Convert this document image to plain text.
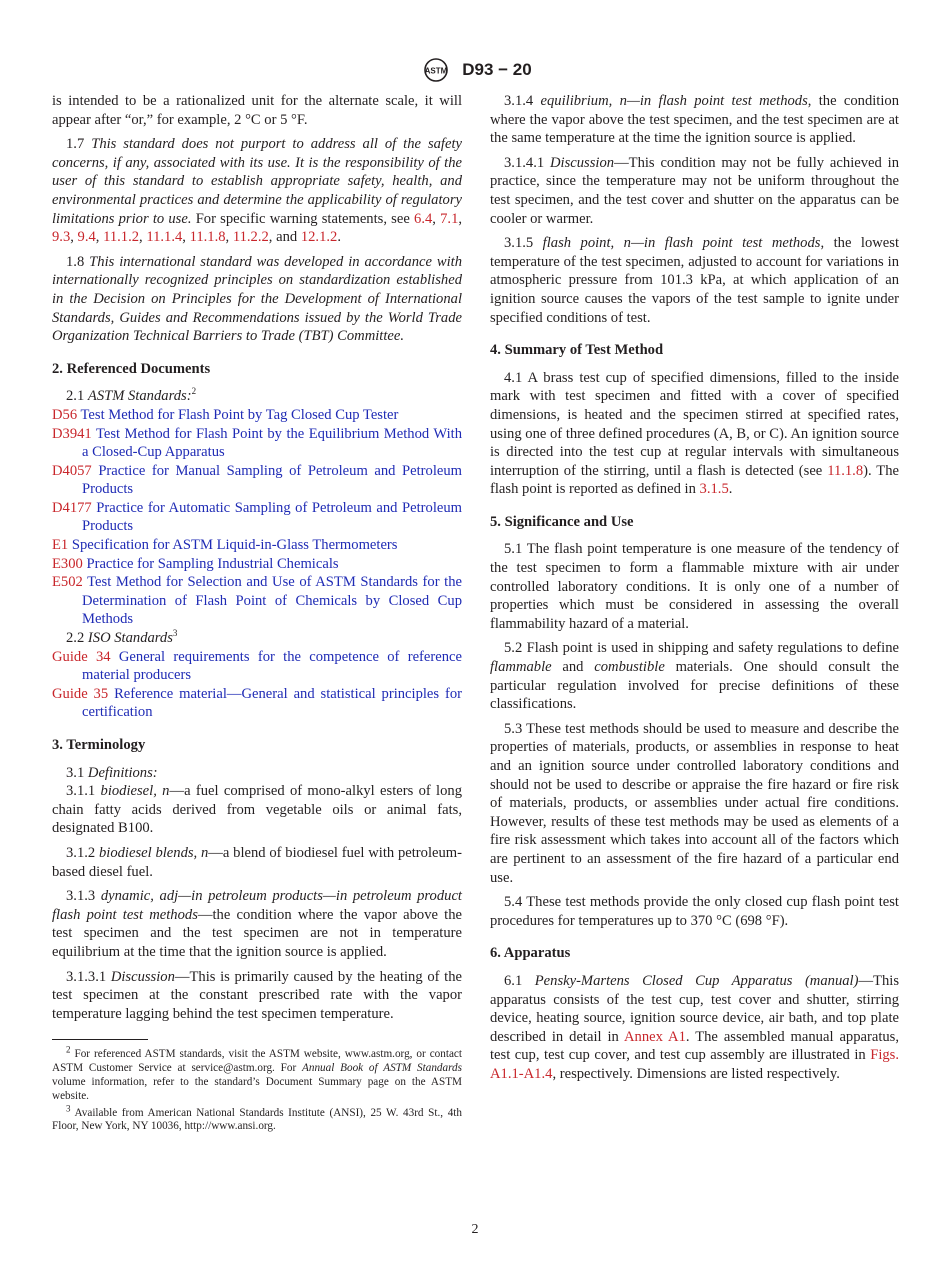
ASTM D93 − 20

is intended to be a rationalized unit for the alternate scale, it will appear after “or,” for example, 2 °C or 5 °F.

1.7 This standard does not purport to address all of the safety concerns, if any, associated with its use. It is the responsibility of the user of this standard to establish appropriate safety, health, and environmental practices and determine the applicability of regulatory limitations prior to use. For specific warning statements, see 6.4, 7.1, 9.3, 9.4, 11.1.2, 11.1.4, 11.1.8, 11.2.2, and 12.1.2.

1.8 This international standard was developed in accordance with internationally recognized principles on standardization established in the Decision on Principles for the Development of International Standards, Guides and Recommendations issued by the World Trade Organization Technical Barriers to Trade (TBT) Committee.

2. Referenced Documents

2.1 ASTM Standards:$^2$

D56 Test Method for Flash Point by Tag Closed Cup Tester

D3941 Test Method for Flash Point by the Equilibrium Method With a Closed-Cup Apparatus

D4057 Practice for Manual Sampling of Petroleum and Petroleum Products

D4177 Practice for Automatic Sampling of Petroleum and Petroleum Products

E1 Specification for ASTM Liquid-in-Glass Thermometers

E300 Practice for Sampling Industrial Chemicals

E502 Test Method for Selection and Use of ASTM Standards for the Determination of Flash Point of Chemicals by Closed Cup Methods

2.2 ISO Standards$^3$

Guide 34 General requirements for the competence of reference material producers

Guide 35 Reference material—General and statistical principles for certification

3. Terminology

3.1 Definitions:

3.1.1 biodiesel, n—a fuel comprised of mono-alkyl esters of long chain fatty acids derived from vegetable oils or animal fats, designated B100.

3.1.2 biodiesel blends, n—a blend of biodiesel fuel with petroleum-based diesel fuel.

3.1.3 dynamic, adj—in petroleum products—in petroleum product flash point test methods—the condition where the vapor above the test specimen and the test specimen are not in temperature equilibrium at the time that the ignition source is applied.

3.1.3.1 Discussion—This is primarily caused by the heating of the test specimen at the constant prescribed rate with the vapor temperature lagging behind the test specimen temperature.

$^2$ For referenced ASTM standards, visit the ASTM website, www.astm.org, or contact ASTM Customer Service at service@astm.org. For Annual Book of ASTM Standards volume information, refer to the standard’s Document Summary page on the ASTM website.

$^3$ Available from American National Standards Institute (ANSI), 25 W. 43rd St., 4th Floor, New York, NY 10036, http://www.ansi.org.

3.1.4 equilibrium, n—in flash point test methods, the condition where the vapor above the test specimen, and the test specimen are at the same temperature at the time the ignition source is applied.

3.1.4.1 Discussion—This condition may not be fully achieved in practice, since the temperature may not be uniform throughout the test specimen, and the test cover and shutter on the apparatus can be cooler or warmer.

3.1.5 flash point, n—in flash point test methods, the lowest temperature of the test specimen, adjusted to account for variations in atmospheric pressure from 101.3 kPa, at which application of an ignition source causes the vapors of the test sample to ignite under specified conditions of test.

4. Summary of Test Method

4.1 A brass test cup of specified dimensions, filled to the inside mark with test specimen and fitted with a cover of specified dimensions, is heated and the specimen stirred at specified rates, using one of three defined procedures (A, B, or C). An ignition source is directed into the test cup at regular intervals with simultaneous interruption of the stirring, until a flash is detected (see 11.1.8). The flash point is reported as defined in 3.1.5.

5. Significance and Use

5.1 The flash point temperature is one measure of the tendency of the test specimen to form a flammable mixture with air under controlled laboratory conditions. It is only one of a number of properties which must be considered in assessing the overall flammability hazard of a material.

5.2 Flash point is used in shipping and safety regulations to define flammable and combustible materials. One should consult the particular regulation involved for precise definitions of these classifications.

5.3 These test methods should be used to measure and describe the properties of materials, products, or assemblies in response to heat and an ignition source under controlled laboratory conditions and should not be used to describe or appraise the fire hazard or fire risk of materials, products, or assemblies under actual fire conditions. However, results of these test methods may be used as elements of a fire risk assessment which takes into account all of the factors which are pertinent to an assessment of the fire hazard of a particular end use.

5.4 These test methods provide the only closed cup flash point test procedures for temperatures up to 370 °C (698 °F).

6. Apparatus

6.1 Pensky-Martens Closed Cup Apparatus (manual)—This apparatus consists of the test cup, test cover and shutter, stirring device, heating source, ignition source device, air bath, and top plate described in detail in Annex A1. The assembled manual apparatus, test cup, test cup cover, and test cup assembly are illustrated in Figs. A1.1-A1.4, respectively. Dimensions are listed respectively.

2
